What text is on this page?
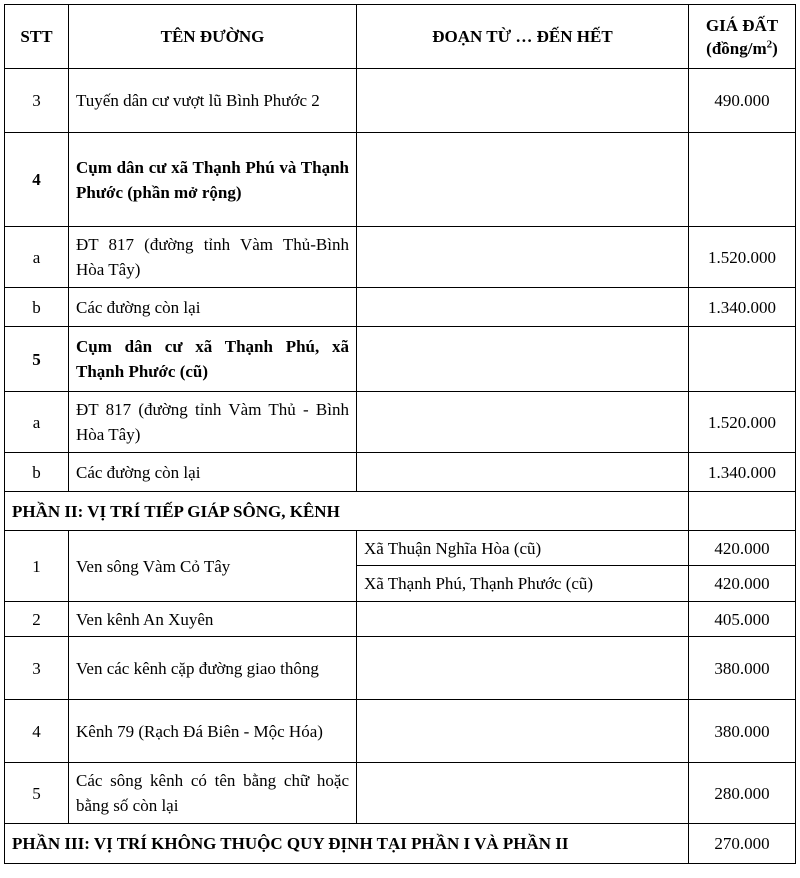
STT	TÊN ĐƯỜNG	ĐOẠN TỪ … ĐẾN HẾT	GIÁ ĐẤT
$(đồng/m^2)$
3	Tuyến dân cư vượt lũ Bình Phước 2		490.000
4	Cụm dân cư xã Thạnh Phú và Thạnh Phước (phần mở rộng)		
a	ĐT 817 (đường tỉnh Vàm Thủ-Bình Hòa Tây)		1.520.000
b	Các đường còn lại		1.340.000
5	Cụm dân cư xã Thạnh Phú, xã Thạnh Phước (cũ)		
a	ĐT 817 (đường tỉnh Vàm Thủ - Bình Hòa Tây)		1.520.000
b	Các đường còn lại		1.340.000
PHẦN II: VỊ TRÍ TIẾP GIÁP SÔNG, KÊNH			
1	Ven sông Vàm Cỏ Tây	Xã Thuận Nghĩa Hòa (cũ)	420.000
		Xã Thạnh Phú, Thạnh Phước (cũ)	420.000
2	Ven kênh An Xuyên		405.000
3	Ven các kênh cặp đường giao thông		380.000
4	Kênh 79 (Rạch Đá Biên - Mộc Hóa)		380.000
5	Các sông kênh có tên bằng chữ hoặc bằng số còn lại		280.000
PHẦN III: VỊ TRÍ KHÔNG THUỘC QUY ĐỊNH TẠI PHẦN I VÀ PHẦN II			270.000
